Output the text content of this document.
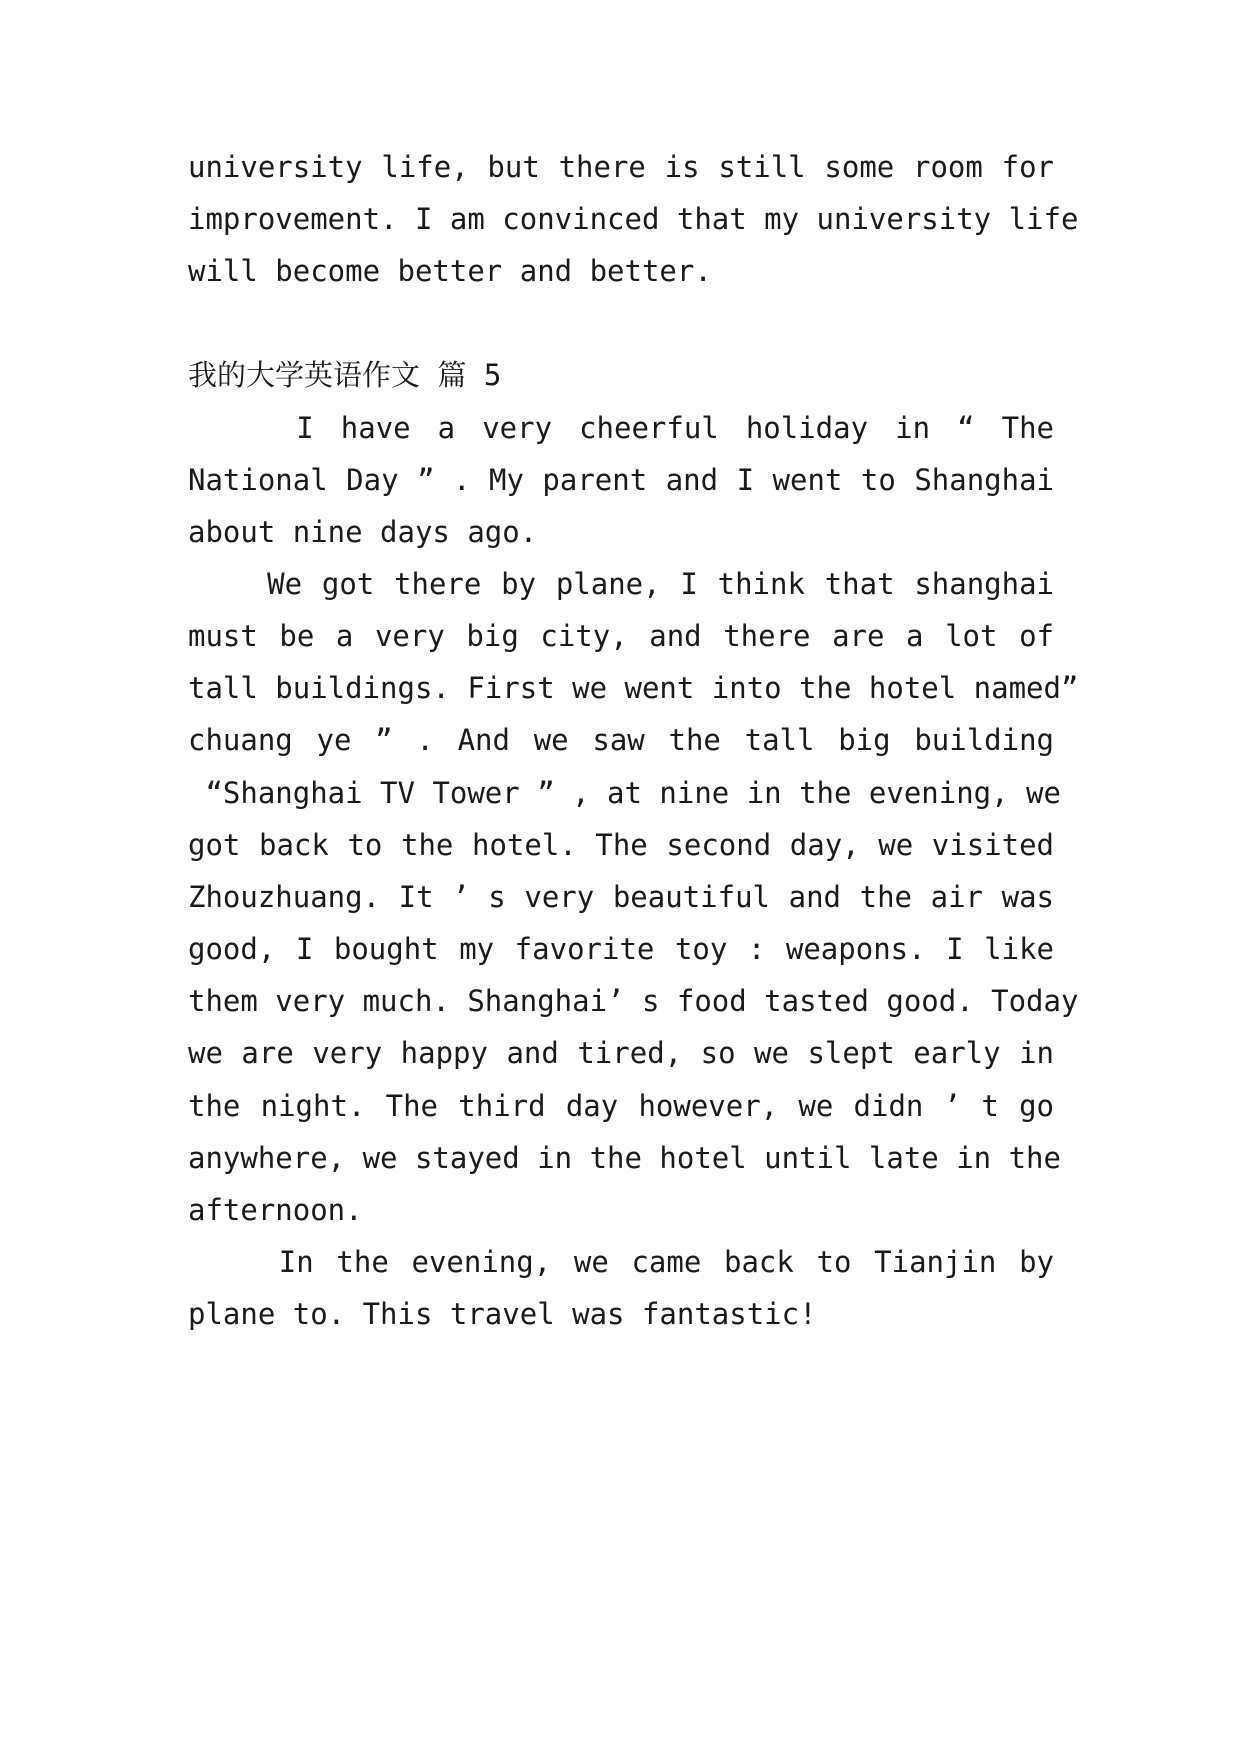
university life, but there is still some room for
improvement. I am convinced that my university life
will become better and better.
我的大学英语作文 篇 5
I have a very cheerful holiday in “ The
National Day ” . My parent and I went to Shanghai
about nine days ago.
We got there by plane, I think that shanghai
must be a very big city, and there are a lot of
tall buildings. First we went into the hotel named”
chuang ye ” . And we saw the tall big building
“Shanghai TV Tower ” , at nine in the evening, we
got back to the hotel. The second day, we visited
Zhouzhuang. It ’ s very beautiful and the air was
good, I bought my favorite toy : weapons. I like
them very much. Shanghai’ s food tasted good. Today
we are very happy and tired, so we slept early in
the night. The third day however, we didn ’ t go
anywhere, we stayed in the hotel until late in the
afternoon.
In the evening, we came back to Tianjin by
plane to. This travel was fantastic!
